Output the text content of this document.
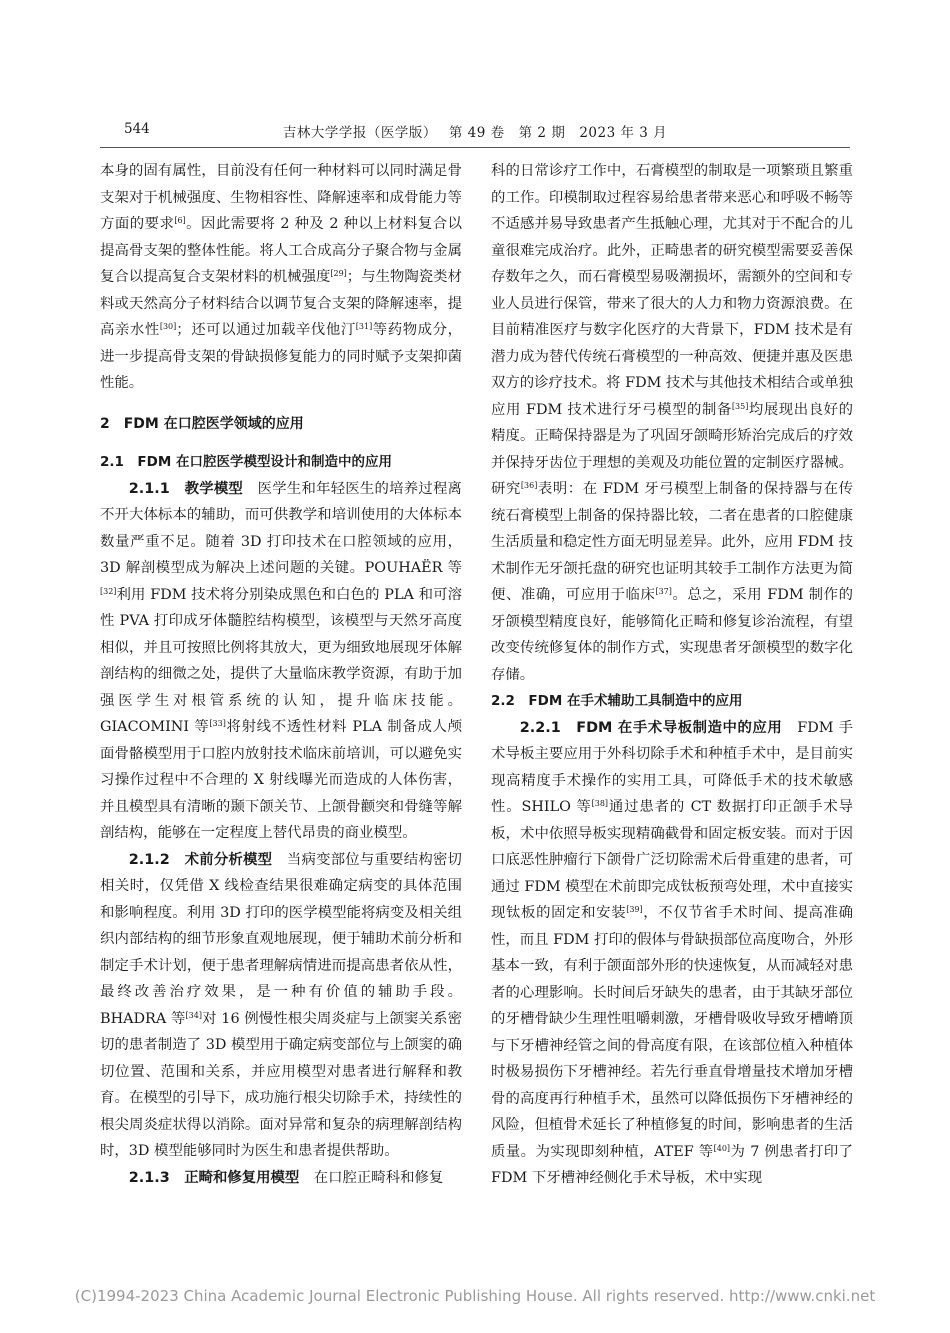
544	吉林大学学报（医学版）　 第 49 卷　第 2 期　2023 年 3 月

本身的固有属性，目前没有任何一种材料可以同时满足骨支架对于机械强度、生物相容性、降解速率和成骨能力等方面的要求[6]。因此需要将 2 种及 2 种以上材料复合以提高骨支架的整体性能。将人工合成高分子聚合物与金属复合以提高复合支架材料的机械强度[29]；与生物陶瓷类材料或天然高分子材料结合以调节复合支架的降解速率，提高亲水性[30]；还可以通过加载辛伐他汀[31]等药物成分，进一步提高骨支架的骨缺损修复能力的同时赋予支架抑菌性能。

2　FDM 在口腔医学领域的应用
2.1　FDM 在口腔医学模型设计和制造中的应用

2.1.1　 教学模型　 医学生和年轻医生的培养过程离不开大体标本的辅助，而可供教学和培训使用的大体标本数量严重不足。随着 3D 打印技术在口腔领域的应用，3D 解剖模型成为解决上述问题的关键。POUHAËR 等[32]利用 FDM 技术将分别染成黑色和白色的 PLA 和可溶性 PVA 打印成牙体髓腔结构模型，该模型与天然牙高度相似，并且可按照比例将其放大，更为细致地展现牙体解剖结构的细微之处，提供了大量临床教学资源，有助于加强医学生对根管系统的认知，提升临床技能。GIACOMINI 等[33]将射线不透性材料 PLA 制备成人颅面骨骼模型用于口腔内放射技术临床前培训，可以避免实习操作过程中不合理的 X 射线曝光而造成的人体伤害，并且模型具有清晰的颞下颌关节、上颌骨颧突和骨缝等解剖结构，能够在一定程度上替代昂贵的商业模型。

2.1.2　 术前分析模型　 当病变部位与重要结构密切相关时，仅凭借 X 线检查结果很难确定病变的具体范围和影响程度。利用 3D 打印的医学模型能将病变及相关组织内部结构的细节形象直观地展现，便于辅助术前分析和制定手术计划，便于患者理解病情进而提高患者依从性，最终改善治疗效果，是一种有价值的辅助手段。BHADRA 等[34]对 16 例慢性根尖周炎症与上颌窦关系密切的患者制造了 3D 模型用于确定病变部位与上颌窦的确切位置、范围和关系，并应用模型对患者进行解释和教育。在模型的引导下，成功施行根尖切除手术，持续性的根尖周炎症状得以消除。面对异常和复杂的病理解剖结构时，3D 模型能够同时为医生和患者提供帮助。

2.1.3　 正畸和修复用模型　 在口腔正畸科和修复

科的日常诊疗工作中，石膏模型的制取是一项繁琐且繁重的工作。印模制取过程容易给患者带来恶心和呼吸不畅等不适感并易导致患者产生抵触心理，尤其对于不配合的儿童很难完成治疗。此外，正畸患者的研究模型需要妥善保存数年之久，而石膏模型易吸潮损坏，需额外的空间和专业人员进行保管，带来了很大的人力和物力资源浪费。在目前精准医疗与数字化医疗的大背景下，FDM 技术是有潜力成为替代传统石膏模型的一种高效、便捷并惠及医患双方的诊疗技术。将 FDM 技术与其他技术相结合或单独应用 FDM 技术进行牙弓模型的制备[35]均展现出良好的精度。正畸保持器是为了巩固牙颌畸形矫治完成后的疗效并保持牙齿位于理想的美观及功能位置的定制医疗器械。研究[36]表明：在 FDM 牙弓模型上制备的保持器与在传统石膏模型上制备的保持器比较，二者在患者的口腔健康生活质量和稳定性方面无明显差异。此外，应用 FDM 技术制作无牙颌托盘的研究也证明其较手工制作方法更为简便、准确，可应用于临床[37]。总之，采用 FDM 制作的牙颌模型精度良好，能够简化正畸和修复诊治流程，有望改变传统修复体的制作方式，实现患者牙颌模型的数字化存储。

2.2　FDM 在手术辅助工具制造中的应用

2.2.1　 FDM 在手术导板制造中的应用　 FDM 手术导板主要应用于外科切除手术和种植手术中，是目前实现高精度手术操作的实用工具，可降低手术的技术敏感性。SHILO 等[38]通过患者的 CT 数据打印正颌手术导板，术中依照导板实现精确截骨和固定板安装。而对于因口底恶性肿瘤行下颌骨广泛切除需术后骨重建的患者，可通过 FDM 模型在术前即完成钛板预弯处理，术中直接实现钛板的固定和安装[39]，不仅节省手术时间、提高准确性，而且 FDM 打印的假体与骨缺损部位高度吻合，外形基本一致，有利于颌面部外形的快速恢复，从而减轻对患者的心理影响。长时间后牙缺失的患者，由于其缺牙部位的牙槽骨缺少生理性咀嚼刺激，牙槽骨吸收导致牙槽嵴顶与下牙槽神经管之间的骨高度有限，在该部位植入种植体时极易损伤下牙槽神经。若先行垂直骨增量技术增加牙槽骨的高度再行种植手术，虽然可以降低损伤下牙槽神经的风险，但植骨术延长了种植修复的时间，影响患者的生活质量。为实现即刻种植，ATEF 等[40]为 7 例患者打印了 FDM 下牙槽神经侧化手术导板，术中实现

(C)1994-2023 China Academic Journal Electronic Publishing House. All rights reserved. http://www.cnki.net
